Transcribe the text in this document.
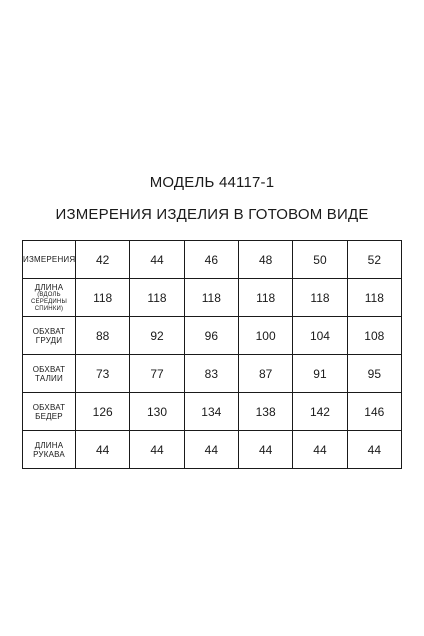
МОДЕЛЬ 44117-1
ИЗМЕРЕНИЯ ИЗДЕЛИЯ В ГОТОВОМ ВИДЕ
ИЗМЕРЕНИЯ	42	44	46	48	50	52

ДЛИНА
(ВДОЛЬ СЕРЕДИНЫ
СПИНКИ)	118	118	118	118	118	118

ОБХВАТ
ГРУДИ	88	92	96	100	104	108

ОБХВАТ
ТАЛИИ	73	77	83	87	91	95

ОБХВАТ
БЕДЕР	126	130	134	138	142	146

ДЛИНА
РУКАВА	44	44	44	44	44	44
